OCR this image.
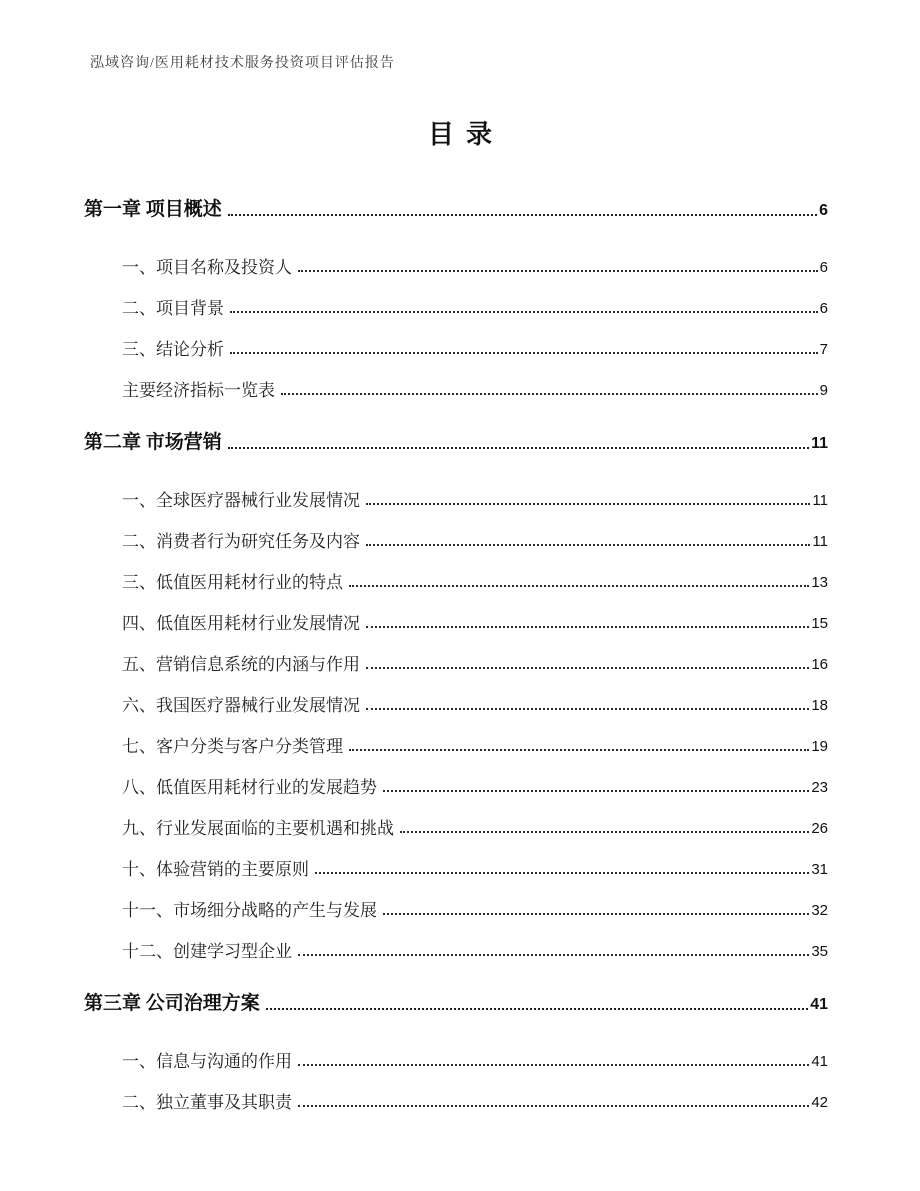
泓域咨询/医用耗材技术服务投资项目评估报告
目录
第一章 项目概述	6
一、项目名称及投资人	6
二、项目背景	6
三、结论分析	7
主要经济指标一览表	9
第二章 市场营销	11
一、全球医疗器械行业发展情况	11
二、消费者行为研究任务及内容	11
三、低值医用耗材行业的特点	13
四、低值医用耗材行业发展情况	15
五、营销信息系统的内涵与作用	16
六、我国医疗器械行业发展情况	18
七、客户分类与客户分类管理	19
八、低值医用耗材行业的发展趋势	23
九、行业发展面临的主要机遇和挑战	26
十、体验营销的主要原则	31
十一、市场细分战略的产生与发展	32
十二、创建学习型企业	35
第三章 公司治理方案	41
一、信息与沟通的作用	41
二、独立董事及其职责	42
